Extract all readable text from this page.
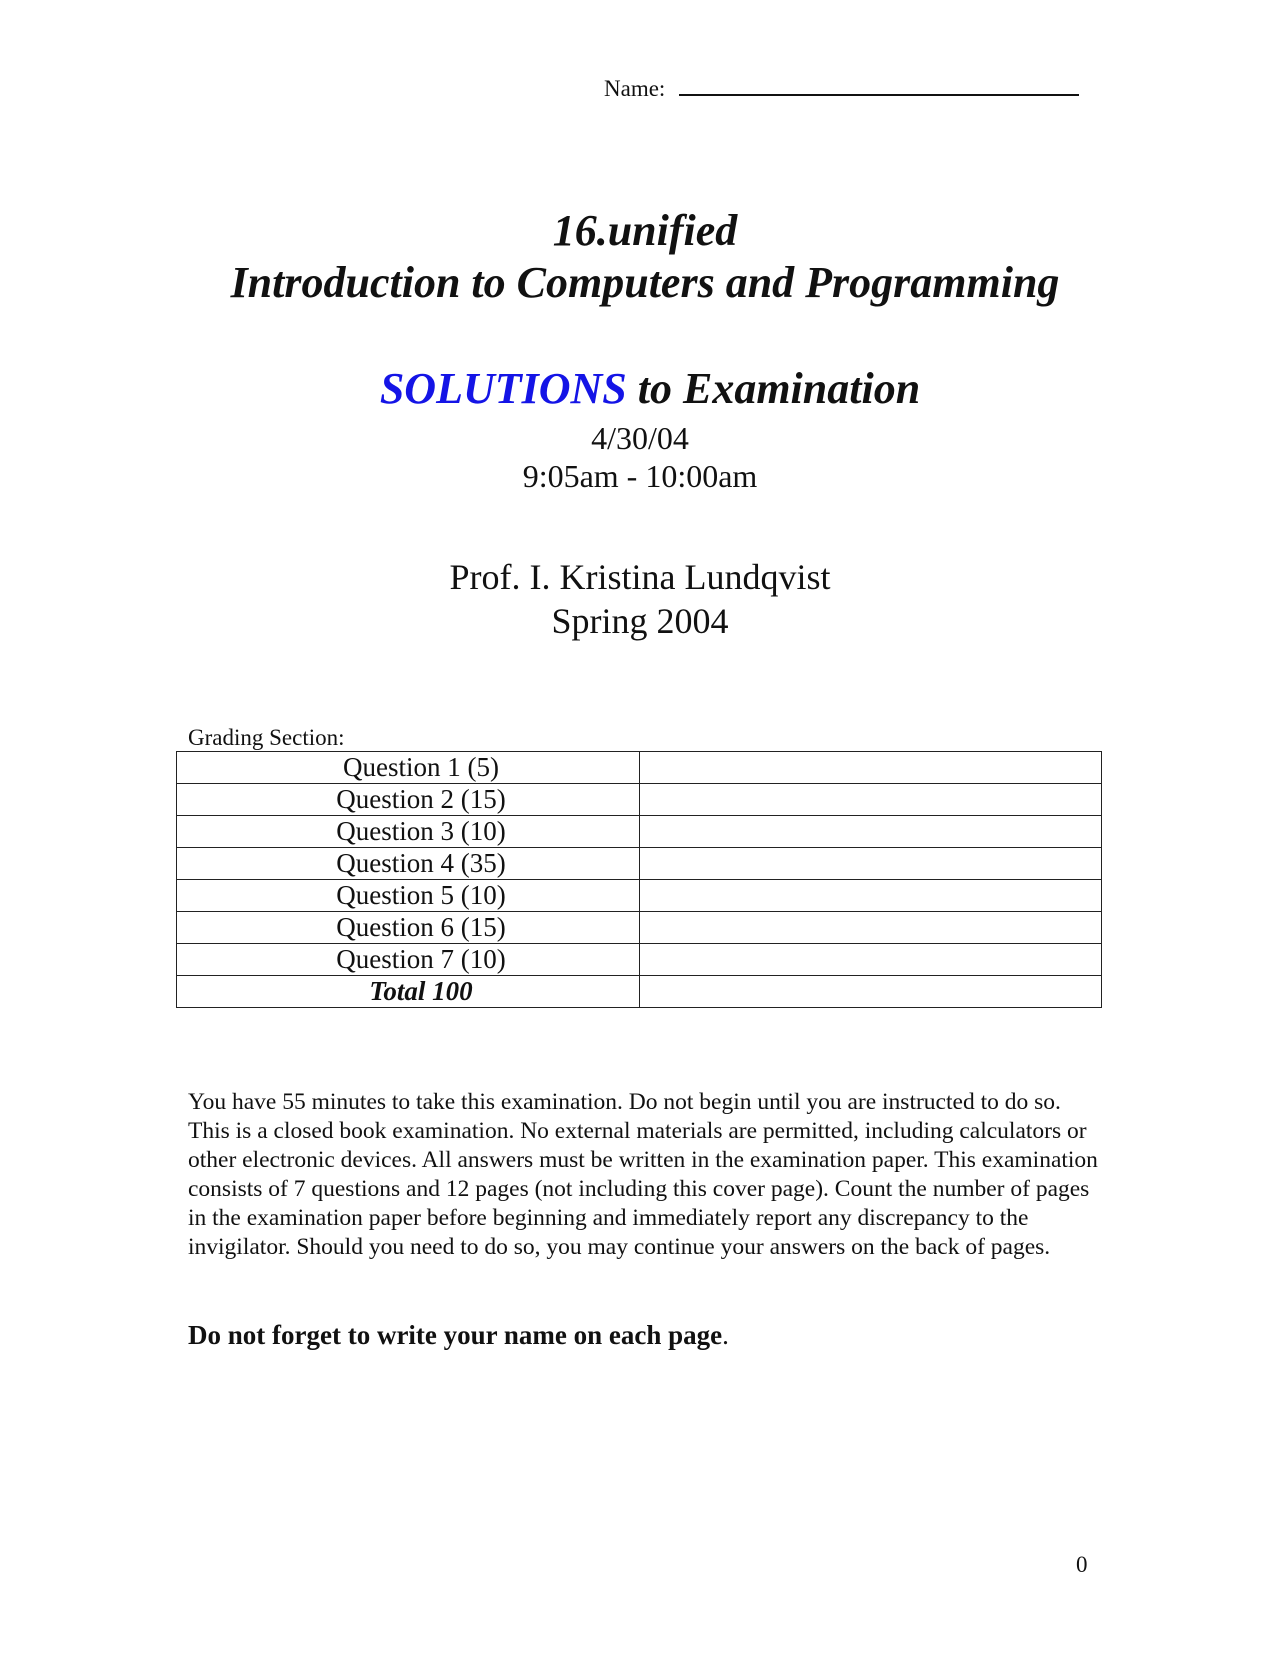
Name:
16.unified
Introduction to Computers and Programming
SOLUTIONS to Examination
4/30/04
9:05am - 10:00am
Prof. I. Kristina Lundqvist
Spring 2004
Grading Section:
Question 1 (5)	
Question 2 (15)	
Question 3 (10)	
Question 4 (35)	
Question 5 (10)	
Question 6 (15)	
Question 7 (10)	
Total 100	
You have 55 minutes to take this examination. Do not begin until you are instructed to do so. This is a closed book examination. No external materials are permitted, including calculators or other electronic devices. All answers must be written in the examination paper. This examination consists of 7 questions and 12 pages (not including this cover page). Count the number of pages in the examination paper before beginning and immediately report any discrepancy to the invigilator. Should you need to do so, you may continue your answers on the back of pages.
Do not forget to write your name on each page.
0
